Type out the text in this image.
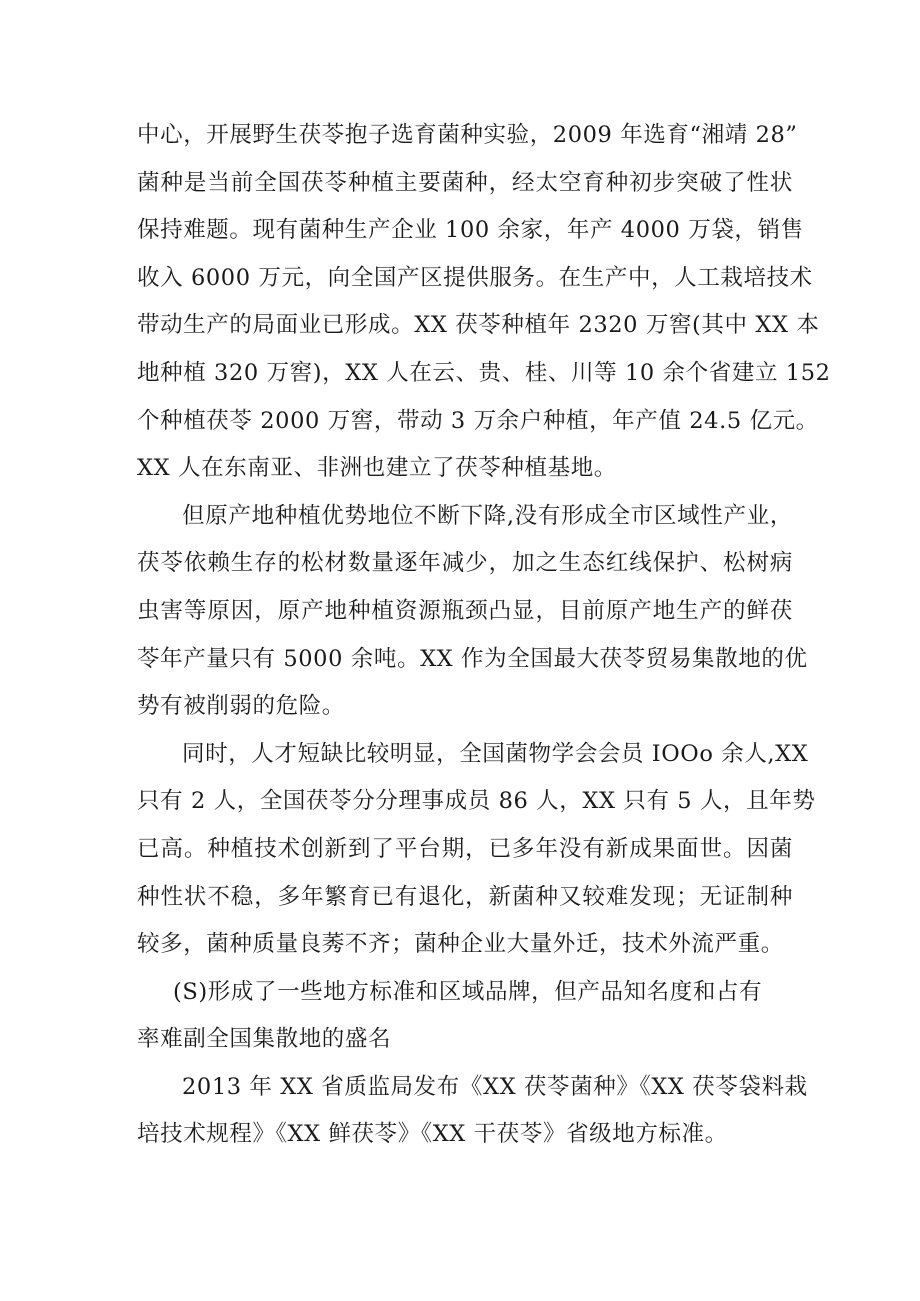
中心，开展野生茯苓抱子选育菌种实验，2009 年选育“湘靖 28”
菌种是当前全国茯苓种植主要菌种，经太空育种初步突破了性状
保持难题。现有菌种生产企业 100 余家，年产 4000 万袋，销售
收入 6000 万元，向全国产区提供服务。在生产中，人工栽培技术
带动生产的局面业已形成。XX 茯苓种植年 2320 万窖(其中 XX 本
地种植 320 万窖)，XX 人在云、贵、桂、川等 10 余个省建立 152
个种植茯苓 2000 万窖，带动 3 万余户种植，年产值 24.5 亿元。
XX 人在东南亚、非洲也建立了茯苓种植基地。
但原产地种植优势地位不断下降,没有形成全市区域性产业，
茯苓依赖生存的松材数量逐年减少，加之生态红线保护、松树病
虫害等原因，原产地种植资源瓶颈凸显，目前原产地生产的鲜茯
苓年产量只有 5000 余吨。XX 作为全国最大茯苓贸易集散地的优
势有被削弱的危险。
同时，人才短缺比较明显，全国菌物学会会员 IOOo 余人,XX
只有 2 人，全国茯苓分分理事成员 86 人，XX 只有 5 人，且年势
已高。种植技术创新到了平台期，已多年没有新成果面世。因菌
种性状不稳，多年繁育已有退化，新菌种又较难发现；无证制种
较多，菌种质量良莠不齐；菌种企业大量外迁，技术外流严重。
(S)形成了一些地方标准和区域品牌，但产品知名度和占有
率难副全国集散地的盛名
2013 年 XX 省质监局发布《XX 茯苓菌种》《XX 茯苓袋料栽
培技术规程》《XX 鲜茯苓》《XX 干茯苓》省级地方标准。
